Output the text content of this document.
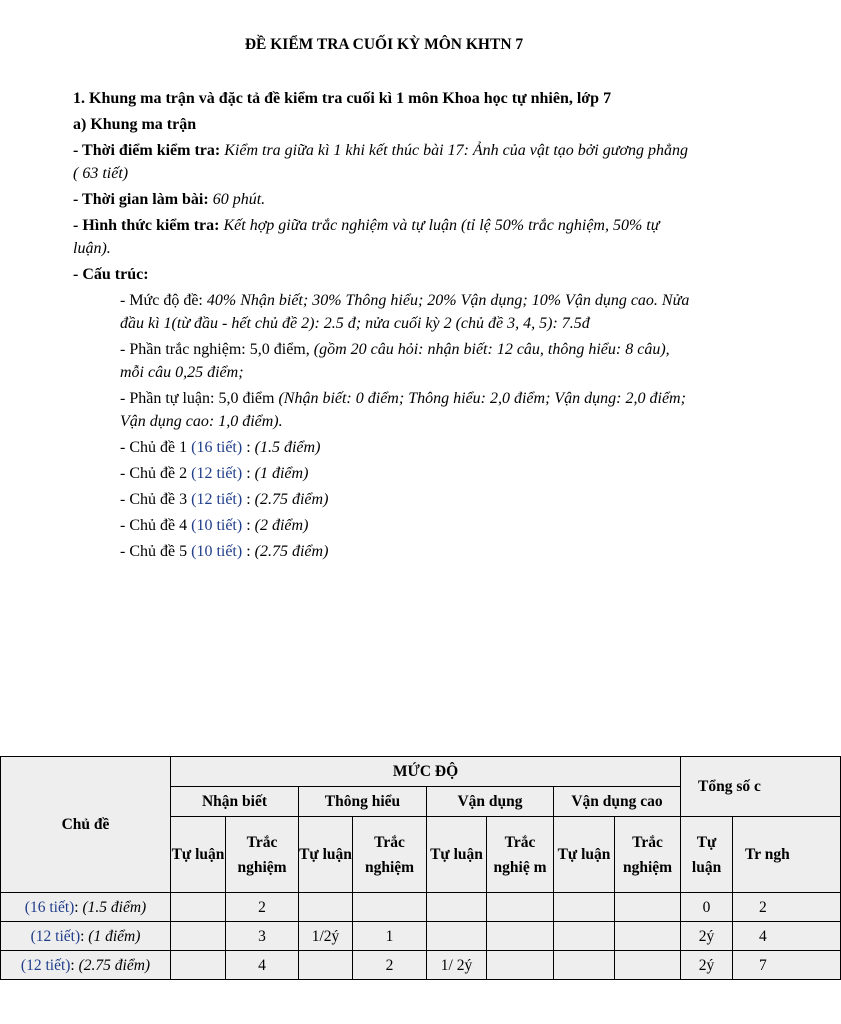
ĐỀ KIỂM TRA CUỐI KỲ MÔN KHTN 7

1. Khung ma trận và đặc tả đề kiểm tra cuối kì 1 môn Khoa học tự nhiên, lớp 7

a) Khung ma trận

- Thời điểm kiểm tra: Kiểm tra giữa kì 1 khi kết thúc bài 17: Ảnh của vật tạo bởi gương phẳng ( 63 tiết)

- Thời gian làm bài: 60 phút.

- Hình thức kiểm tra: Kết hợp giữa trắc nghiệm và tự luận (tỉ lệ 50% trắc nghiệm, 50% tự luận).

- Cấu trúc:

- Mức độ đề: 40% Nhận biết; 30% Thông hiểu; 20% Vận dụng; 10% Vận dụng cao. Nửa đầu kì 1(từ đầu - hết chủ đề 2): 2.5 đ; nửa cuối kỳ 2 (chủ đề 3, 4, 5): 7.5đ

- Phần trắc nghiệm: 5,0 điểm, (gồm 20 câu hỏi: nhận biết: 12 câu, thông hiểu: 8 câu), mỗi câu 0,25 điểm;

- Phần tự luận: 5,0 điểm (Nhận biết: 0 điểm; Thông hiểu: 2,0 điểm; Vận dụng: 2,0 điểm; Vận dụng cao: 1,0 điểm).

- Chủ đề 1 (16 tiết) : (1.5 điểm)

- Chủ đề 2 (12 tiết) : (1 điểm)

- Chủ đề 3 (12 tiết) : (2.75 điểm)

- Chủ đề 4 (10 tiết) : (2 điểm)

- Chủ đề 5 (10 tiết) : (2.75 điểm)

Chủ đề	MỨC ĐỘ								Tổng số c	
	Nhận biết		Thông hiểu		Vận dụng		Vận dụng cao			
	Tự luận	Trắc nghiệm	Tự luận	Trắc nghiệm	Tự luận	Trắc nghiệ m	Tự luận	Trắc nghiệm	Tự luận	Tr ngh
(16 tiết): (1.5 điểm)		2							0	2
(12 tiết): (1 điểm)		3	1/2ý	1					2ý	4
(12 tiết): (2.75 điểm)		4		2	1/ 2ý				2ý	7
